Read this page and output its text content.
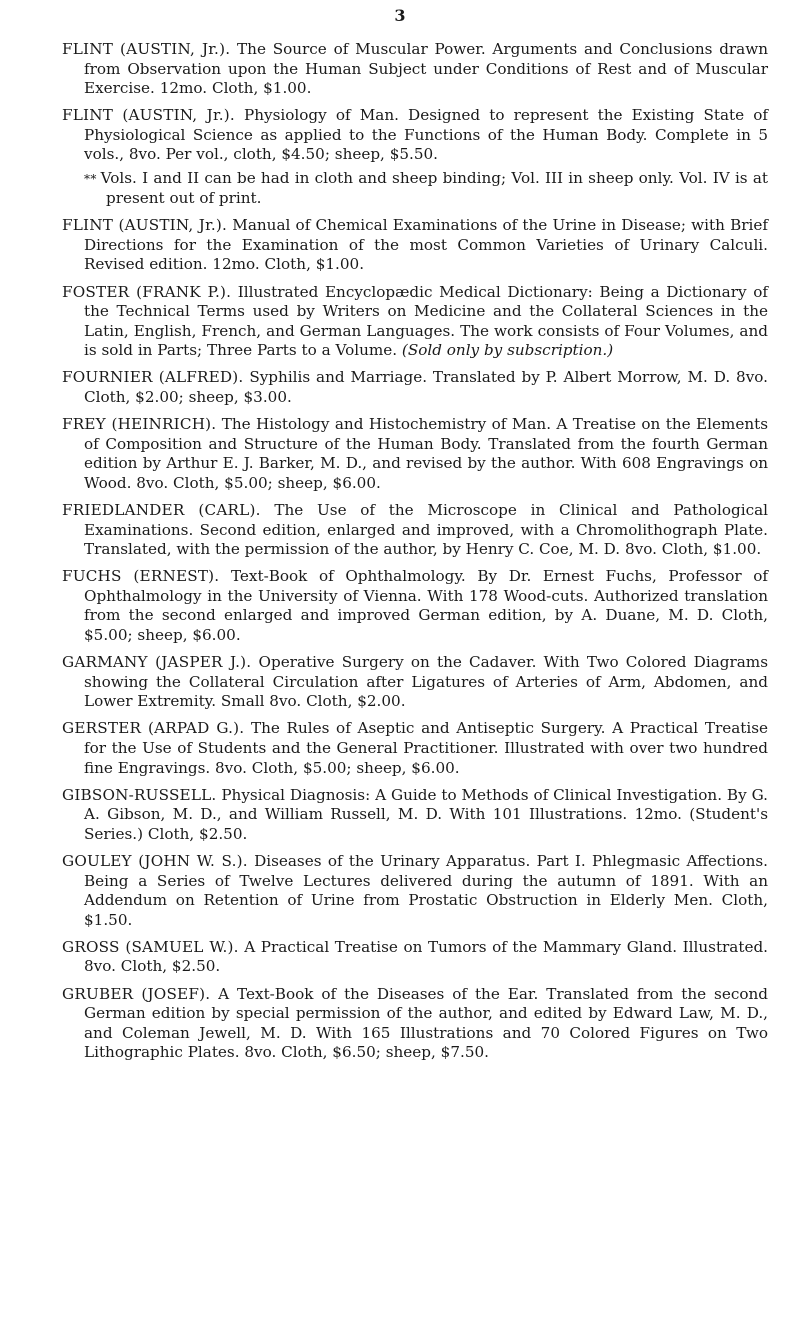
3

FLINT (AUSTIN, Jr.). The Source of Muscular Power. Arguments and Conclusions drawn from Observation upon the Human Subject under Conditions of Rest and of Muscular Exercise. 12mo. Cloth, $1.00.

FLINT (AUSTIN, Jr.). Physiology of Man. Designed to represent the Existing State of Physiological Science as applied to the Functions of the Human Body. Complete in 5 vols., 8vo. Per vol., cloth, $4.50; sheep, $5.50.

* * Vols. I and II can be had in cloth and sheep binding; Vol. III in sheep only. Vol. IV is at present out of print.

FLINT (AUSTIN, Jr.). Manual of Chemical Examinations of the Urine in Disease; with Brief Directions for the Examination of the most Common Varieties of Urinary Calculi. Revised edition. 12mo. Cloth, $1.00.

FOSTER (FRANK P.). Illustrated Encyclopædic Medical Dictionary: Being a Dictionary of the Technical Terms used by Writers on Medicine and the Collateral Sciences in the Latin, English, French, and German Languages. The work consists of Four Volumes, and is sold in Parts; Three Parts to a Volume. (Sold only by subscription.)

FOURNIER (ALFRED). Syphilis and Marriage. Translated by P. Albert Morrow, M. D. 8vo. Cloth, $2.00; sheep, $3.00.

FREY (HEINRICH). The Histology and Histochemistry of Man. A Treatise on the Elements of Composition and Structure of the Human Body. Translated from the fourth German edition by Arthur E. J. Barker, M. D., and revised by the author. With 608 Engravings on Wood. 8vo. Cloth, $5.00; sheep, $6.00.

FRIEDLANDER (CARL). The Use of the Microscope in Clinical and Pathological Examinations. Second edition, enlarged and improved, with a Chromolithograph Plate. Translated, with the permission of the author, by Henry C. Coe, M. D. 8vo. Cloth, $1.00.

FUCHS (ERNEST). Text-Book of Ophthalmology. By Dr. Ernest Fuchs, Professor of Ophthalmology in the University of Vienna. With 178 Wood-cuts. Authorized translation from the second enlarged and improved German edition, by A. Duane, M. D. Cloth, $5.00; sheep, $6.00.

GARMANY (JASPER J.). Operative Surgery on the Cadaver. With Two Colored Diagrams showing the Collateral Circulation after Ligatures of Arteries of Arm, Abdomen, and Lower Extremity. Small 8vo. Cloth, $2.00.

GERSTER (ARPAD G.). The Rules of Aseptic and Antiseptic Surgery. A Practical Treatise for the Use of Students and the General Practitioner. Illustrated with over two hundred fine Engravings. 8vo. Cloth, $5.00; sheep, $6.00.

GIBSON-RUSSELL. Physical Diagnosis: A Guide to Methods of Clinical Investigation. By G. A. Gibson, M. D., and William Russell, M. D. With 101 Illustrations. 12mo. (Student's Series.) Cloth, $2.50.

GOULEY (JOHN W. S.). Diseases of the Urinary Apparatus. Part I. Phlegmasic Affections. Being a Series of Twelve Lectures delivered during the autumn of 1891. With an Addendum on Retention of Urine from Prostatic Obstruction in Elderly Men. Cloth, $1.50.

GROSS (SAMUEL W.). A Practical Treatise on Tumors of the Mammary Gland. Illustrated. 8vo. Cloth, $2.50.

GRUBER (JOSEF). A Text-Book of the Diseases of the Ear. Translated from the second German edition by special permission of the author, and edited by Edward Law, M. D., and Coleman Jewell, M. D. With 165 Illustrations and 70 Colored Figures on Two Lithographic Plates. 8vo. Cloth, $6.50; sheep, $7.50.
